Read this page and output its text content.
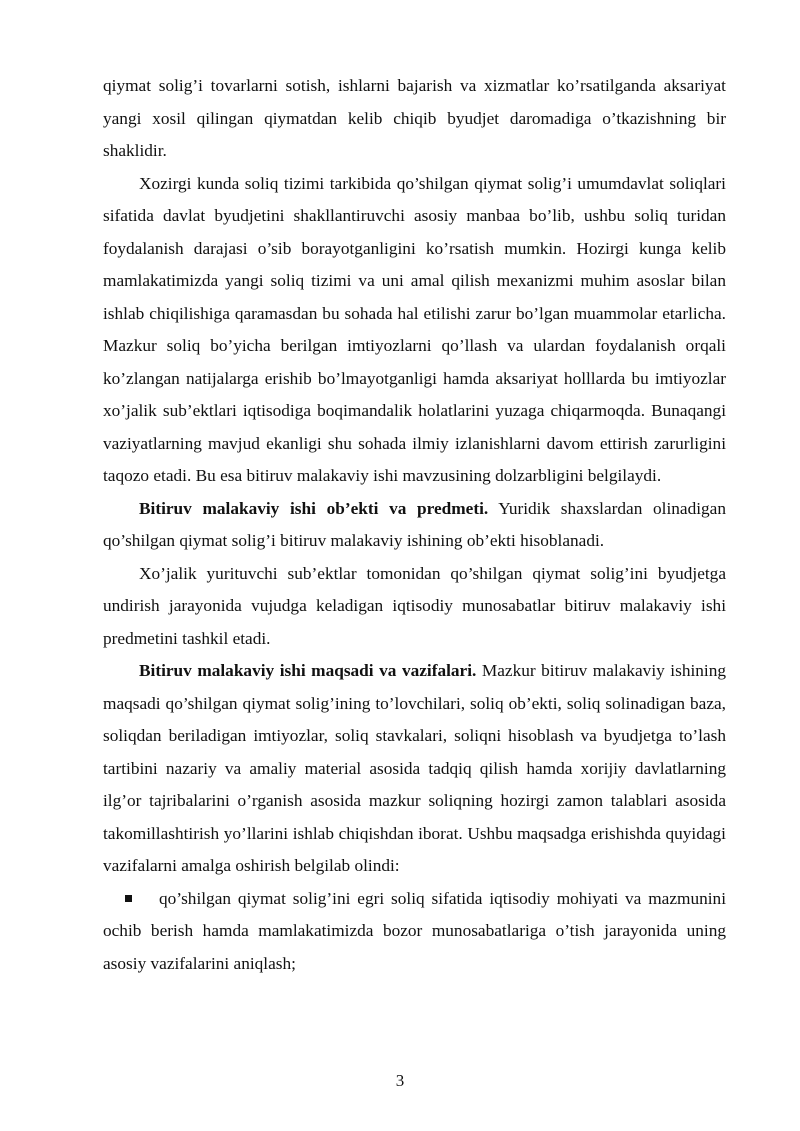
qiymat solig’i tovarlarni sotish, ishlarni bajarish va xizmatlar ko’rsatilganda aksariyat yangi xosil qilingan qiymatdan kelib chiqib byudjet daromadiga o’tkazishning bir shaklidir.

Xozirgi kunda soliq tizimi tarkibida qo’shilgan qiymat solig’i umumdavlat soliqlari sifatida davlat byudjetini shakllantiruvchi asosiy manbaa bo’lib, ushbu soliq turidan foydalanish darajasi o’sib borayotganligini ko’rsatish mumkin. Hozirgi kunga kelib mamlakatimizda yangi soliq tizimi va uni amal qilish mexanizmi muhim asoslar bilan ishlab chiqilishiga qaramasdan bu sohada hal etilishi zarur bo’lgan muammolar etarlicha. Mazkur soliq bo’yicha berilgan imtiyozlarni qo’llash va ulardan foydalanish orqali ko’zlangan natijalarga erishib bo’lmayotganligi hamda aksariyat holllarda bu imtiyozlar xo’jalik sub’ektlari iqtisodiga boqimandalik holatlarini yuzaga chiqarmoqda. Bunaqangi vaziyatlarning mavjud ekanligi shu sohada ilmiy izlanishlarni davom ettirish zarurligini taqozo etadi. Bu esa bitiruv malakaviy ishi mavzusining dolzarbligini belgilaydi.

Bitiruv malakaviy ishi ob’ekti va predmeti. Yuridik shaxslardan olinadigan qo’shilgan qiymat solig’i bitiruv malakaviy ishining ob’ekti hisoblanadi.

Xo’jalik yurituvchi sub’ektlar tomonidan qo’shilgan qiymat solig’ini byudjetga undirish jarayonida vujudga keladigan iqtisodiy munosabatlar bitiruv malakaviy ishi predmetini tashkil etadi.

Bitiruv malakaviy ishi maqsadi va vazifalari. Mazkur bitiruv malakaviy ishining maqsadi qo’shilgan qiymat solig’ining to’lovchilari, soliq ob’ekti, soliq solinadigan baza, soliqdan beriladigan imtiyozlar, soliq stavkalari, soliqni hisoblash va byudjetga to’lash tartibini nazariy va amaliy material asosida tadqiq qilish hamda xorijiy davlatlarning ilg’or tajribalarini o’rganish asosida mazkur soliqning hozirgi zamon talablari asosida takomillashtirish yo’llarini ishlab chiqishdan iborat. Ushbu maqsadga erishishda quyidagi vazifalarni amalga oshirish belgilab olindi:

qo’shilgan qiymat solig’ini egri soliq sifatida iqtisodiy mohiyati va mazmunini ochib berish hamda mamlakatimizda bozor munosabatlariga o’tish jarayonida uning asosiy vazifalarini aniqlash;

3
